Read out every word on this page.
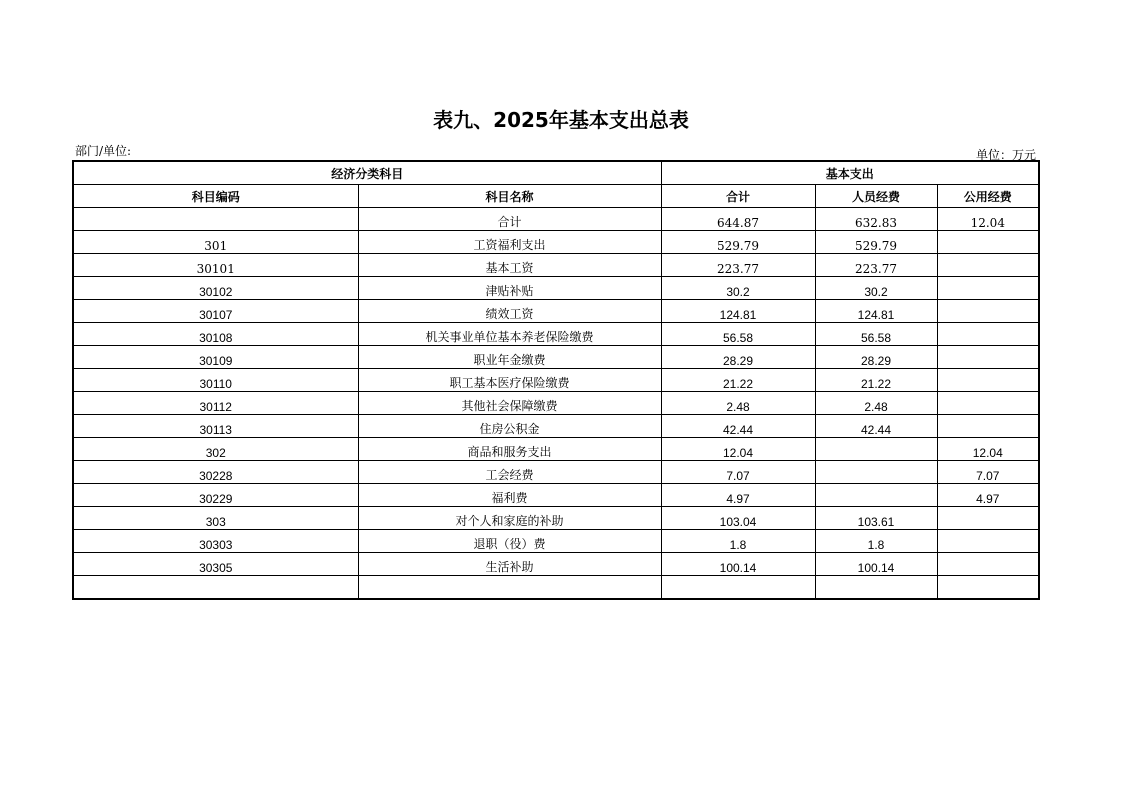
表九、2025年基本支出总表
部门/单位:	单位：万元
经济分类科目		基本支出		
科目编码	科目名称	合计	人员经费	公用经费
	合计	644.87	632.83	12.04
301	工资福利支出	529.79	529.79	
30101	基本工资	223.77	223.77	
30102	津贴补贴	30.2	30.2	
30107	绩效工资	124.81	124.81	
30108	机关事业单位基本养老保险缴费	56.58	56.58	
30109	职业年金缴费	28.29	28.29	
30110	职工基本医疗保险缴费	21.22	21.22	
30112	其他社会保障缴费	2.48	2.48	
30113	住房公积金	42.44	42.44	
302	商品和服务支出	12.04		12.04
30228	工会经费	7.07		7.07
30229	福利费	4.97		4.97
303	对个人和家庭的补助	103.04	103.61	
30303	退职（役）费	1.8	1.8	
30305	生活补助	100.14	100.14	
